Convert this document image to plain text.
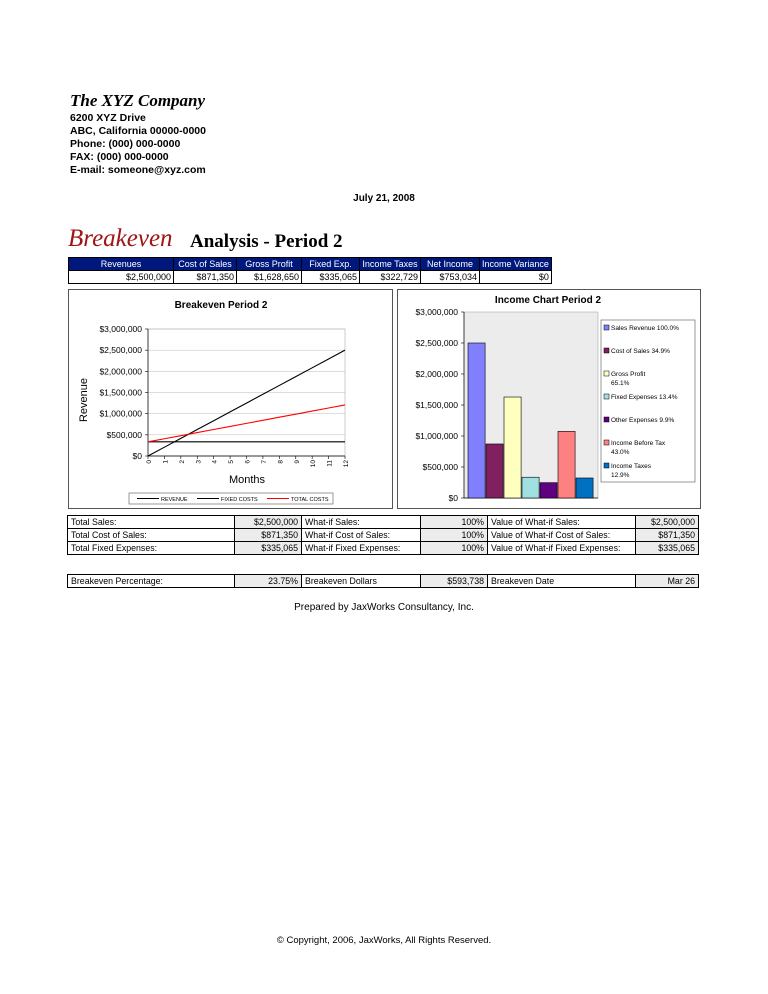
The XYZ Company
6200 XYZ Drive
ABC, California 00000-0000
Phone: (000) 000-0000
FAX: (000) 000-0000
E-mail: someone@xyz.com
July 21, 2008
Breakeven Analysis - Period 2
Revenues	Cost of Sales	Gross Profit	Fixed Exp.	Income Taxes	Net Income	Income Variance
$2,500,000	$871,350	$1,628,650	$335,065	$322,729	$753,034	$0
Breakeven Period 2
$0
$500,000
$1,000,000
$1,500,000
$2,000,000
$2,500,000
$3,000,000
0 1 2 3 4 5 6 7 8 9 10 11 12
Revenue
Months
REVENUE	FIXED COSTS	TOTAL COSTS
Income Chart Period 2
$0
$500,000
$1,000,000
$1,500,000
$2,000,000
$2,500,000
$3,000,000
Sales Revenue 100.0%
Cost of Sales 34.9%
Gross Profit
65.1%
Fixed Expenses 13.4%
Other Expenses 9.9%
Income Before Tax
43.0%
Income Taxes
12.9%
Total Sales:	$2,500,000	What-if Sales:	100%	Value of What-if Sales:	$2,500,000
Total Cost of Sales:	$871,350	What-if Cost of Sales:	100%	Value of What-if Cost of Sales:	$871,350
Total Fixed Expenses:	$335,065	What-if Fixed Expenses:	100%	Value of What-if Fixed Expenses:	$335,065
Breakeven Percentage:	23.75%	Breakeven Dollars	$593,738	Breakeven Date	Mar 26
Prepared by JaxWorks Consultancy, Inc.
© Copyright, 2006, JaxWorks, All Rights Reserved.
